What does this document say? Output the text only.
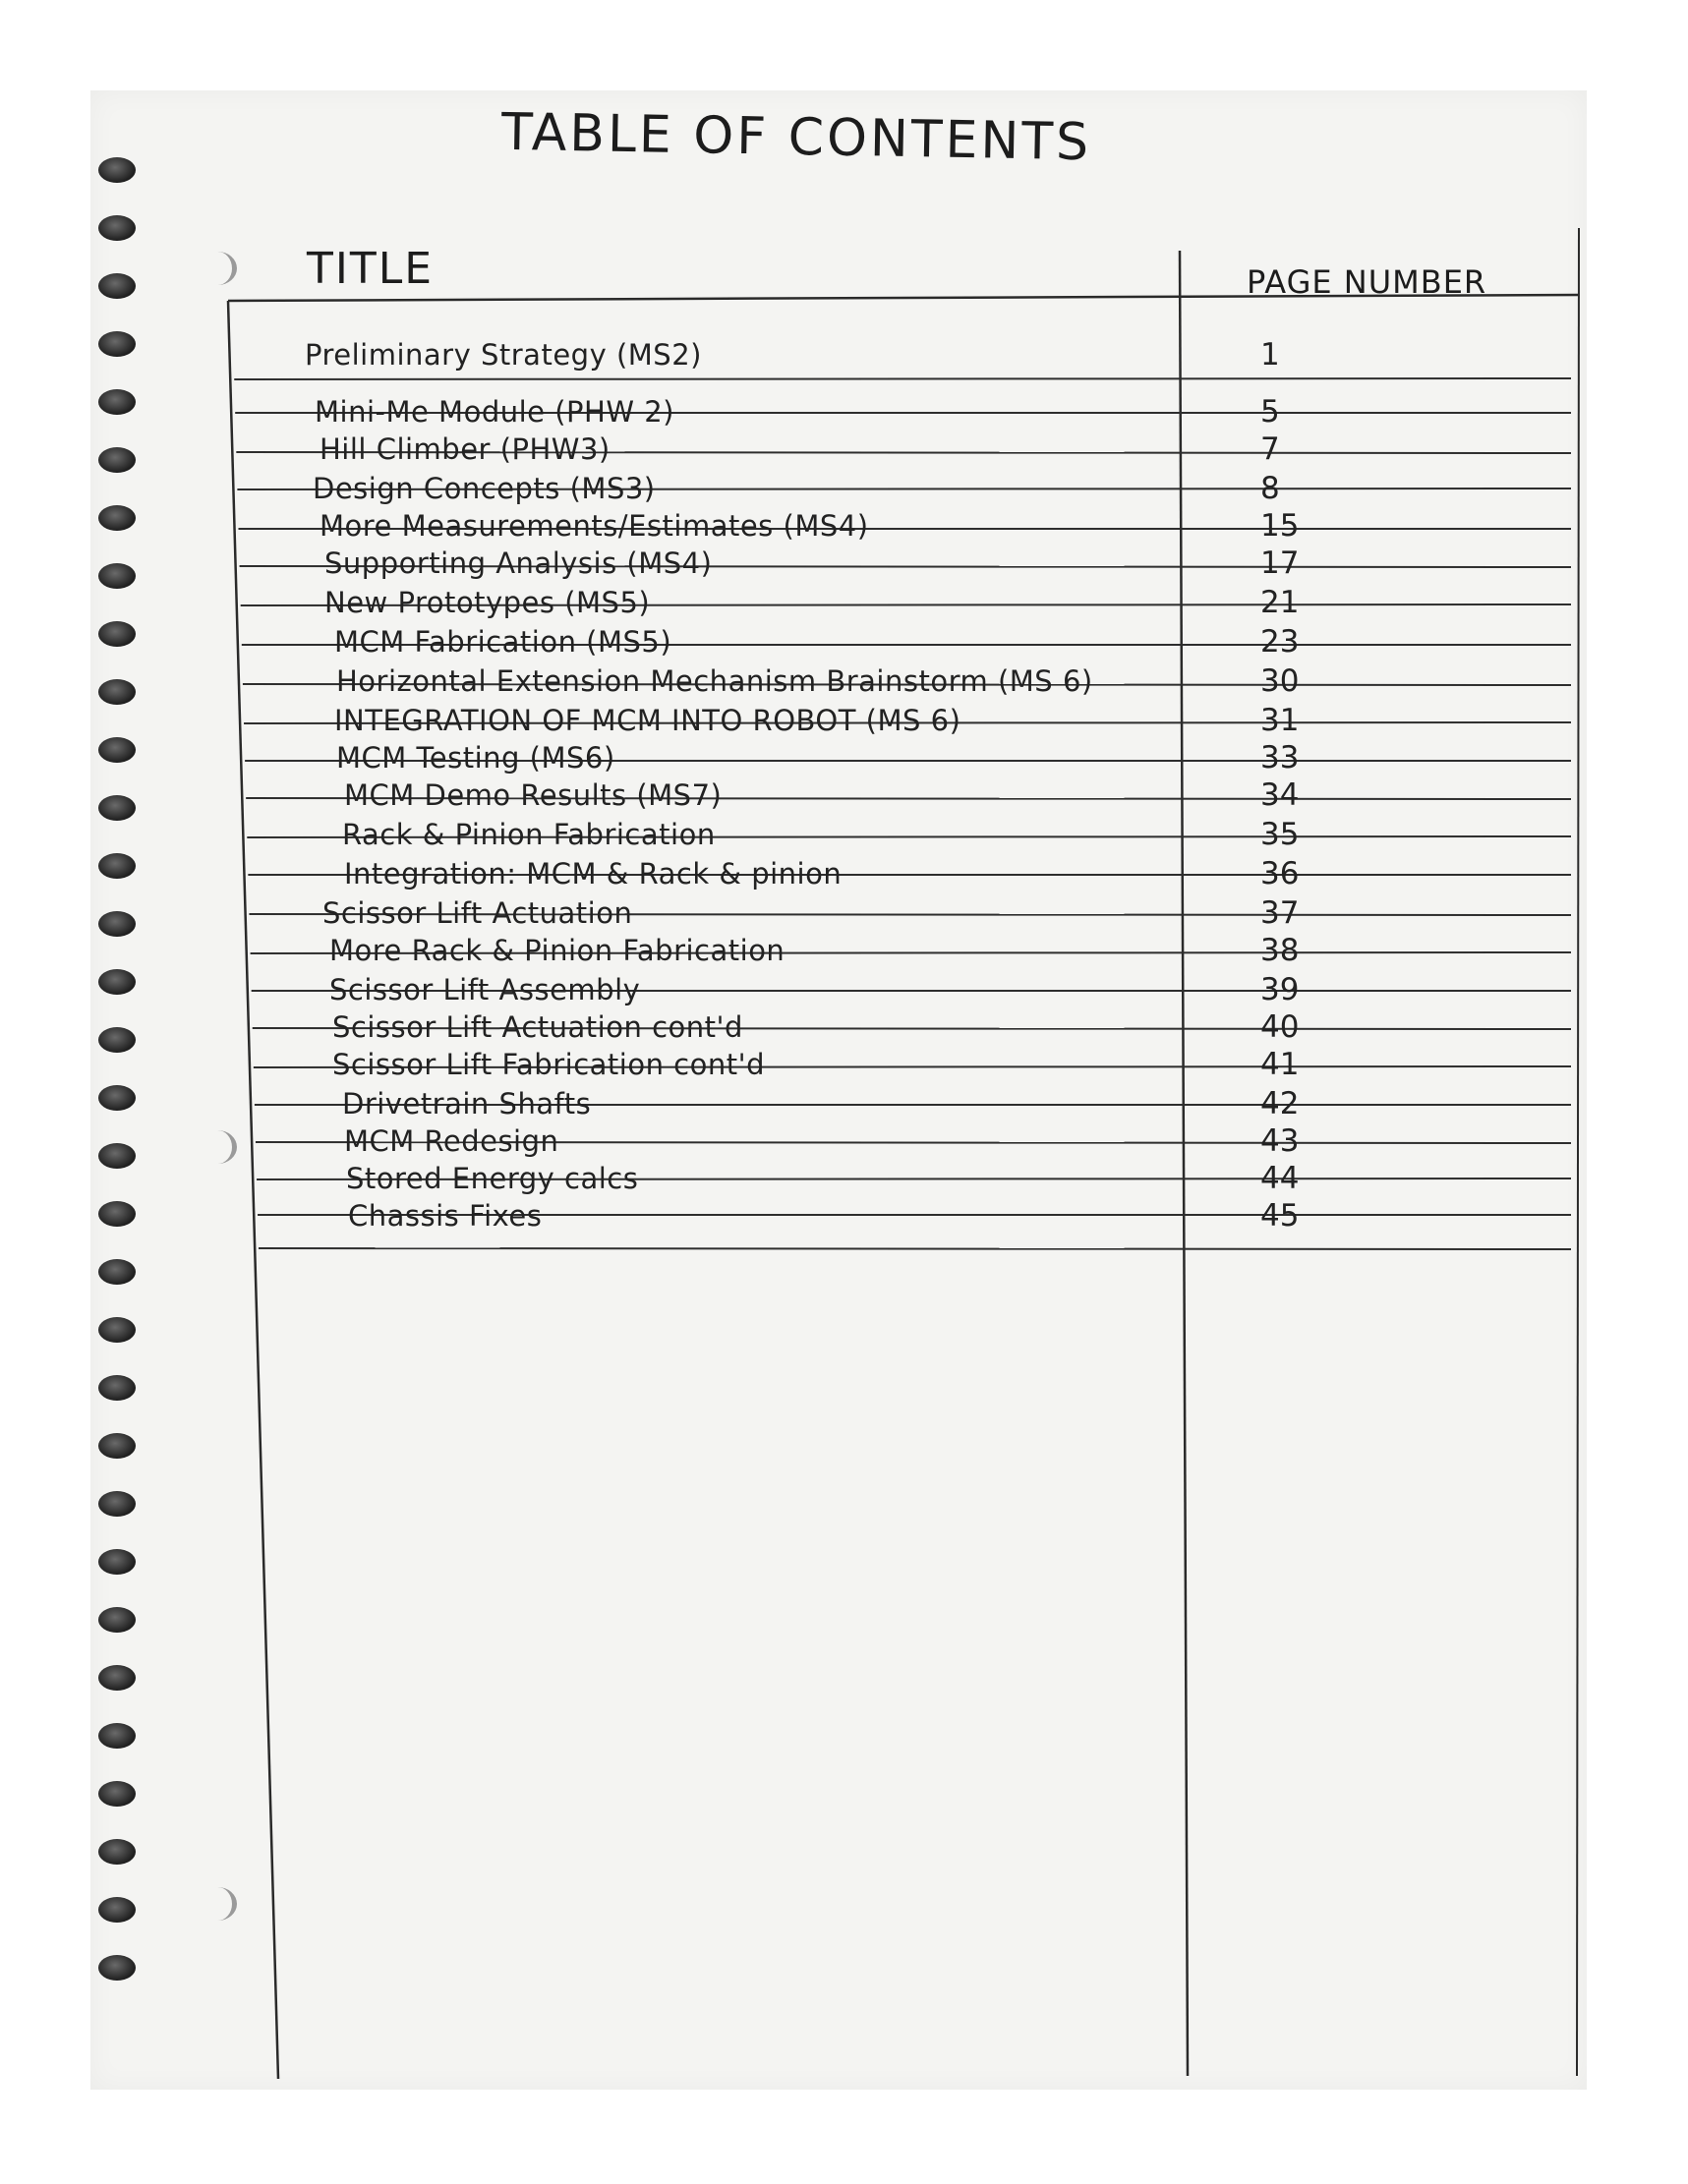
TABLE OF CONTENTS
TITLE	PAGE NUMBER
Preliminary Strategy (MS2)	1
Mini-Me Module (PHW 2)	5
Hill Climber (PHW3)	7
Design Concepts (MS3)	8
More Measurements/Estimates (MS4)	15
Supporting Analysis (MS4)	17
New Prototypes (MS5)	21
MCM Fabrication (MS5)	23
Horizontal Extension Mechanism Brainstorm (MS 6)	30
INTEGRATION OF MCM INTO ROBOT (MS 6)	31
MCM Testing (MS6)	33
MCM Demo Results (MS7)	34
Rack & Pinion Fabrication	35
Integration: MCM & Rack & pinion	36
Scissor Lift Actuation	37
More Rack & Pinion Fabrication	38
Scissor Lift Assembly	39
Scissor Lift Actuation cont'd	40
Scissor Lift Fabrication cont'd	41
Drivetrain Shafts	42
MCM Redesign	43
Stored Energy calcs	44
Chassis Fixes	45
